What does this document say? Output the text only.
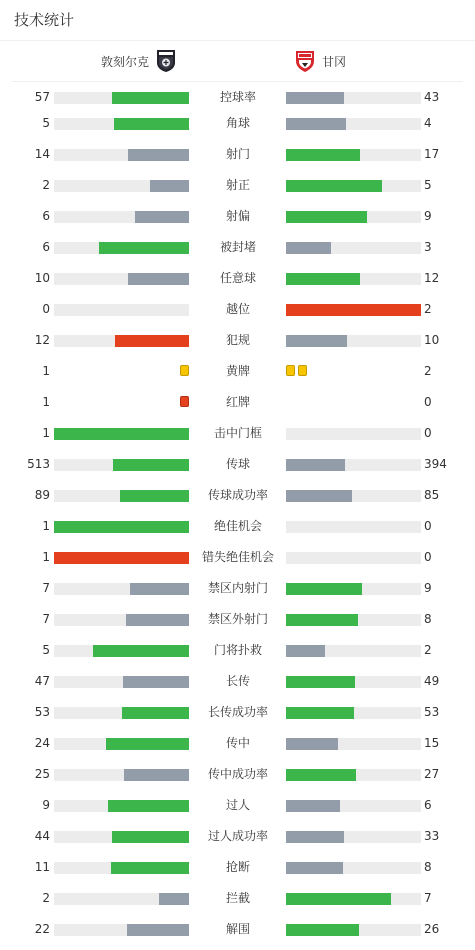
技术统计
敦刻尔克	甘冈
57	控球率	43
5	角球	4
14	射门	17
2	射正	5
6	射偏	9
6	被封堵	3
10	任意球	12
0	越位	2
12	犯规	10
1	黄牌	2
1	红牌	0
1	击中门框	0
513	传球	394
89	传球成功率	85
1	绝佳机会	0
1	错失绝佳机会	0
7	禁区内射门	9
7	禁区外射门	8
5	门将扑救	2
47	长传	49
53	长传成功率	53
24	传中	15
25	传中成功率	27
9	过人	6
44	过人成功率	33
11	抢断	8
2	拦截	7
22	解围	26
